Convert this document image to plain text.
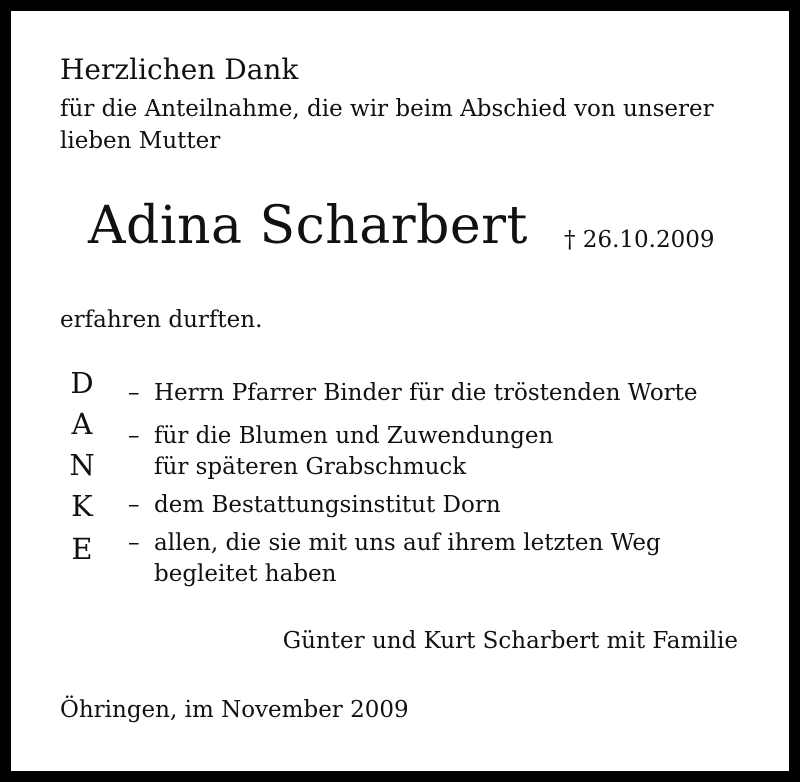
Herzlichen Dank
für die Anteilnahme, die wir beim Abschied von unserer
lieben Mutter
Adina Scharbert † 26.10.2009
erfahren durften.
D
A
N
K
E
– Herrn Pfarrer Binder für die tröstenden Worte
– für die Blumen und Zuwendungen
für späteren Grabschmuck
– dem Bestattungsinstitut Dorn
– allen, die sie mit uns auf ihrem letzten Weg
begleitet haben
Günter und Kurt Scharbert mit Familie
Öhringen, im November 2009
